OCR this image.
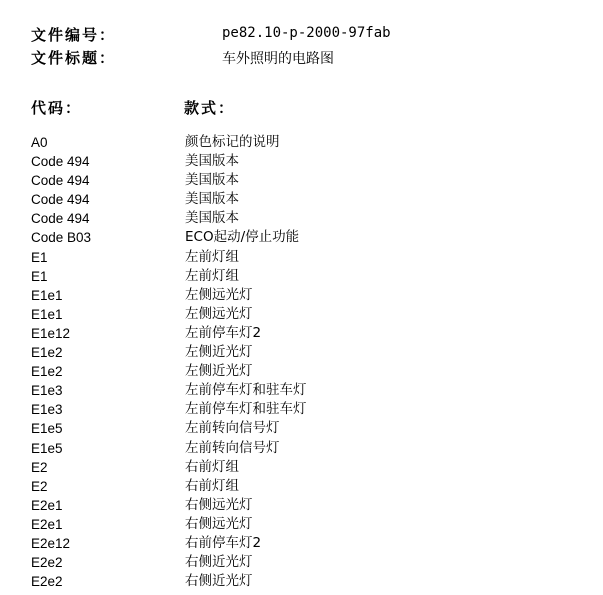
文件编号：	pe82.10-p-2000-97fab
文件标题：	车外照明的电路图
代码：	款式：
A0	颜色标记的说明
Code 494	美国版本
Code 494	美国版本
Code 494	美国版本
Code 494	美国版本
Code B03	ECO起动/停止功能
E1	左前灯组
E1	左前灯组
E1e1	左侧远光灯
E1e1	左侧远光灯
E1e12	左前停车灯2
E1e2	左侧近光灯
E1e2	左侧近光灯
E1e3	左前停车灯和驻车灯
E1e3	左前停车灯和驻车灯
E1e5	左前转向信号灯
E1e5	左前转向信号灯
E2	右前灯组
E2	右前灯组
E2e1	右侧远光灯
E2e1	右侧远光灯
E2e12	右前停车灯2
E2e2	右侧近光灯
E2e2	右侧近光灯
